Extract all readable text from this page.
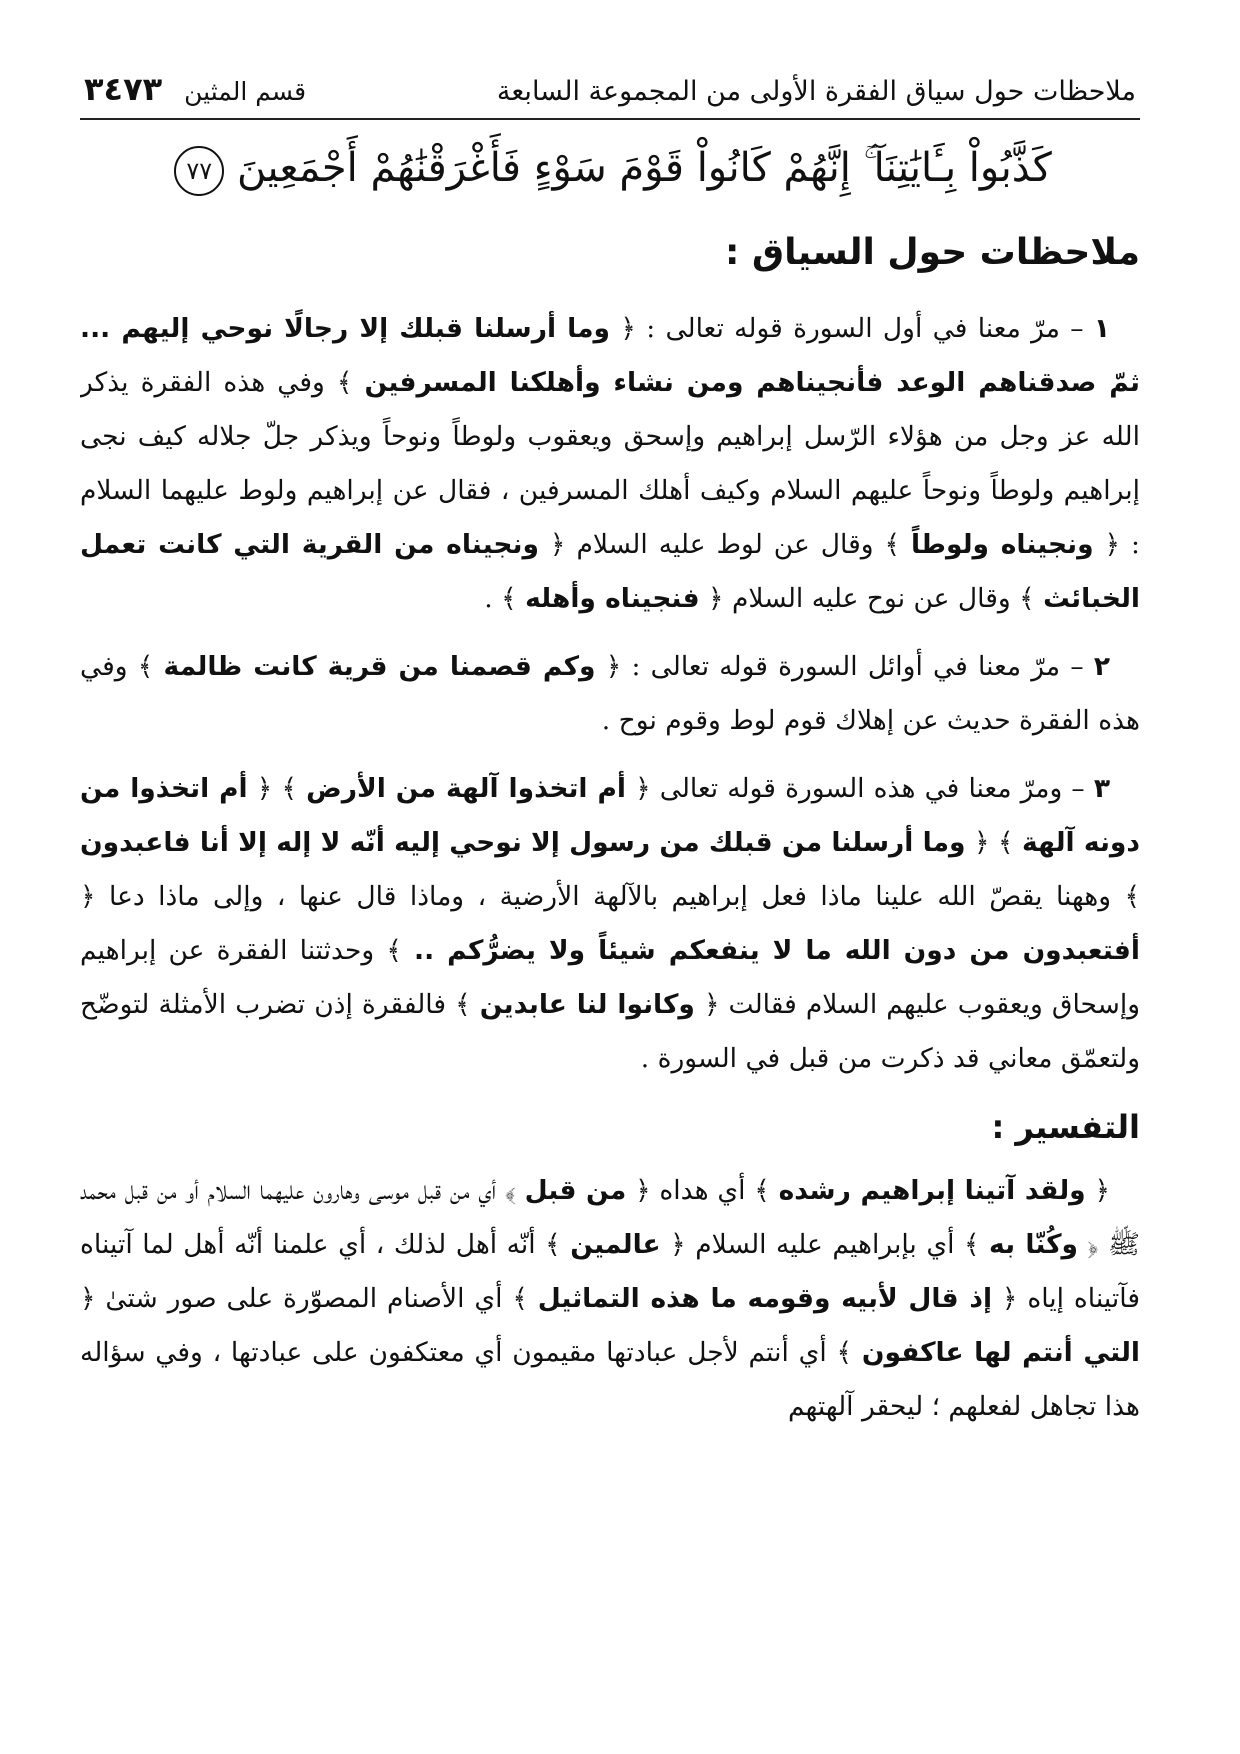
ملاحظات حول سياق الفقرة الأولى من المجموعة السابعة
قسم المثين
٣٤٧٣
كَذَّبُواْ بِـَٔايَٰتِنَآ ۚ إِنَّهُمْ كَانُواْ قَوْمَ سَوْءٍ فَأَغْرَقْنَٰهُمْ أَجْمَعِينَ ٧٧
ملاحظات حول السياق :

١ – مرّ معنا في أول السورة قوله تعالى : ﴿ وما أرسلنا قبلك إلا رجالًا نوحي إليهم ... ثمّ صدقناهم الوعد فأنجيناهم ومن نشاء وأهلكنا المسرفين ﴾ وفي هذه الفقرة يذكر الله عز وجل من هؤلاء الرّسل إبراهيم وإسحق ويعقوب ولوطاً ونوحاً ويذكر جلّ جلاله كيف نجى إبراهيم ولوطاً ونوحاً عليهم السلام وكيف أهلك المسرفين ، فقال عن إبراهيم ولوط عليهما السلام : ﴿ ونجيناه ولوطاً ﴾ وقال عن لوط عليه السلام ﴿ ونجيناه من القرية التي كانت تعمل الخبائث ﴾ وقال عن نوح عليه السلام ﴿ فنجيناه وأهله ﴾ .

٢ – مرّ معنا في أوائل السورة قوله تعالى : ﴿ وكم قصمنا من قرية كانت ظالمة ﴾ وفي هذه الفقرة حديث عن إهلاك قوم لوط وقوم نوح .

٣ – ومرّ معنا في هذه السورة قوله تعالى ﴿ أم اتخذوا آلهة من الأرض ﴾ ﴿ أم اتخذوا من دونه آلهة ﴾ ﴿ وما أرسلنا من قبلك من رسول إلا نوحي إليه أنّه لا إله إلا أنا فاعبدون ﴾ وههنا يقصّ الله علينا ماذا فعل إبراهيم بالآلهة الأرضية ، وماذا قال عنها ، وإلى ماذا دعا ﴿ أفتعبدون من دون الله ما لا ينفعكم شيئاً ولا يضرُّكم .. ﴾ وحدثتنا الفقرة عن إبراهيم وإسحاق ويعقوب عليهم السلام فقالت ﴿ وكانوا لنا عابدين ﴾ فالفقرة إذن تضرب الأمثلة لتوضّح ولتعمّق معاني قد ذكرت من قبل في السورة .

التفسير :

﴿ ولقد آتينا إبراهيم رشده ﴾ أي هداه ﴿ من قبل ﴾ أي من قبل موسى وهارون عليهما السلام أو من قبل محمد ﷺ ﴿ وكُنّا به ﴾ أي بإبراهيم عليه السلام ﴿ عالمين ﴾ أنّه أهل لذلك ، أي علمنا أنّه أهل لما آتيناه فآتيناه إياه ﴿ إذ قال لأبيه وقومه ما هذه التماثيل ﴾ أي الأصنام المصوّرة على صور شتىٰ ﴿ التي أنتم لها عاكفون ﴾ أي أنتم لأجل عبادتها مقيمون أي معتكفون على عبادتها ، وفي سؤاله هذا تجاهل لفعلهم ؛ ليحقر آلهتهم
